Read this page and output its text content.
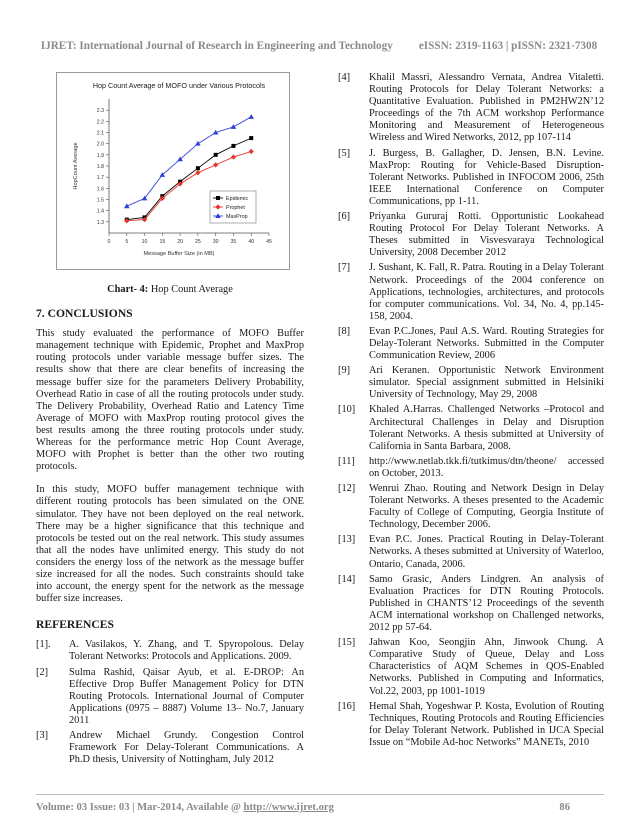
IJRET: International Journal of Research in Engineering and Technology eISSN: 2319-1163 | pISSN: 2321-7308
Hop Count Average of MOFO under Various Protocols
1.3
1.4
1.5
1.6
1.7
1.8
1.9
2.0
2.1
2.2
2.3
0	5	10 15 20 25 30 35 40 45
Message Buffer Size (in MB)
HopCount Average
Epidemic
Prophet
MaxProp
Chart- 4: Hop Count Average
7. CONCLUSIONS

This study evaluated the performance of MOFO Buffer management technique with Epidemic, Prophet and MaxProp routing protocols under variable message buffer sizes. The results show that there are clear benefits of increasing the message buffer size for the parameters Delivery Probability, Overhead Ratio in case of all the routing protocols under study. The Delivery Probability, Overhead Ratio and Latency Time Average of MOFO with MaxProp routing protocol gives the best results among the three routing protocols under study. Whereas for the performance metric Hop Count Average, MOFO with Prophet is better than the other two routing protocols.

In this study, MOFO buffer management technique with different routing protocols has been simulated on the ONE simulator. They have not been deployed on the real network. There may be a higher significance that this technique and protocols be tested out on the real network. This study assumes that all the nodes have unlimited energy. This study do not considers the energy loss of the network as the message buffer size increased for all the nodes. Such constraints should take into account, the energy spent for the network as the message buffer size increases.

REFERENCES
[1].	A. Vasilakos, Y. Zhang, and T. Spyropolous. Delay Tolerant Networks: Protocols and Applications. 2009.
[2]	Sulma Rashid, Qaisar Ayub, et al. E-DROP: An Effective Drop Buffer Management Policy for DTN Routing Protocols. International Journal of Computer Applications (0975 – 8887) Volume 13– No.7, January 2011
[3]	Andrew Michael Grundy. Congestion Control Framework For Delay-Tolerant Communications. A Ph.D thesis, University of Nottingham, July 2012
[4]	Khalil Massri, Alessandro Vernata, Andrea Vitaletti. Routing Protocols for Delay Tolerant Networks: a Quantitative Evaluation. Published in PM2HW2N’12 Proceedings of the 7th ACM workshop Performance Monitoring and Measurement of Heterogeneous Wireless and Wired Networks, 2012, pp 107-114
[5]	J. Burgess, B. Gallagher, D. Jensen, B.N. Levine. MaxProp: Routing for Vehicle-Based Disruption-Tolerant Networks. Published in INFOCOM 2006, 25th IEEE International Conference on Computer Communications, pp 1-11.
[6]	Priyanka Gururaj Rotti. Opportunistic Lookahead Routing Protocol For Delay Tolerant Networks. A Theses submitted in Visvesvaraya Technological University, 2008 December 2012
[7]	J. Sushant, K. Fall, R. Patra. Routing in a Delay Tolerant Network. Proceedings of the 2004 conference on Applications, technologies, architectures, and protocols for computer communications. Vol. 34, No. 4, pp.145-158, 2004.
[8]	Evan P.C.Jones, Paul A.S. Ward. Routing Strategies for Delay-Tolerant Networks. Submitted in the Computer Communication Review, 2006
[9]	Ari Keranen. Opportunistic Network Environment simulator. Special assignment submitted in Helsiniki University of Technology, May 29, 2008
[10]	Khaled A.Harras. Challenged Networks –Protocol and Architectural Challenges in Delay and Disruption Tolerant Networks. A thesis submitted at University of California in Santa Barbara, 2008.
[11]	http://www.netlab.tkk.fi/tutkimus/dtn/theone/ accessed on October, 2013.
[12]	Wenrui Zhao. Routing and Network Design in Delay Tolerant Networks. A theses presented to the Academic Faculty of College of Computing, Georgia Institute of Technology, December 2006.
[13]	Evan P.C. Jones. Practical Routing in Delay-Tolerant Networks. A theses submitted at University of Waterloo, Ontario, Canada, 2006.
[14]	Samo Grasic, Anders Lindgren. An analysis of Evaluation Practices for DTN Routing Protocols. Published in CHANTS’12 Proceedings of the seventh ACM international workshop on Challenged networks, 2012 pp 57-64.
[15]	Jahwan Koo, Seongjin Ahn, Jinwook Chung. A Comparative Study of Queue, Delay and Loss Characteristics of AQM Schemes in QOS-Enabled Networks. Published in Computing and Informatics, Vol.22, 2003, pp 1001-1019
[16]	Hemal Shah, Yogeshwar P. Kosta, Evolution of Routing Techniques, Routing Protocols and Routing Efficiencies for Delay Tolerant Network. Published in IJCA Special Issue on “Mobile Ad-hoc Networks” MANETs, 2010
Volume: 03 Issue: 03 | Mar-2014, Available @ http://www.ijret.org	86
